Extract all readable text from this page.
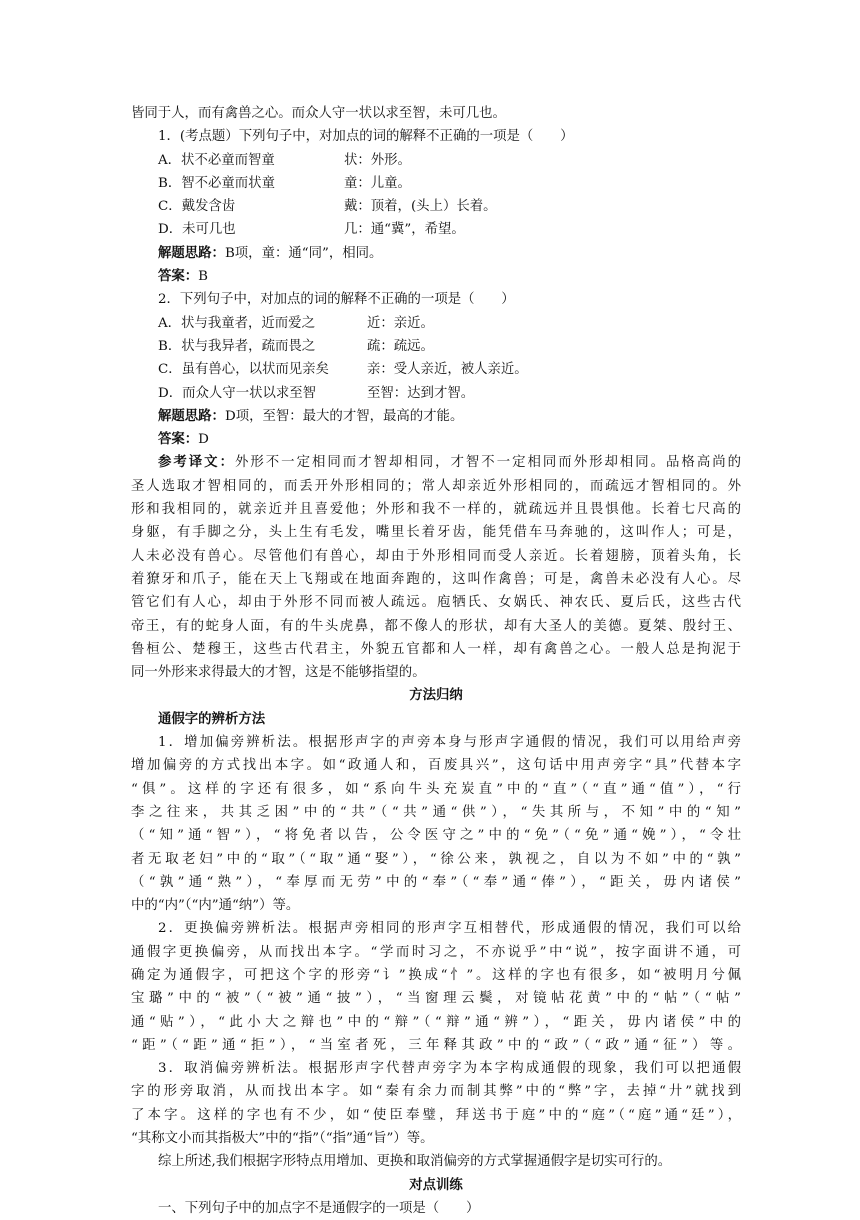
皆同于人，而有禽兽之心。而众人守一状以求至智，未可几也。
1．(考点题）下列句子中，对加点的词的解释不正确的一项是（　　）
A．状不必童而智童	状：外形。
B．智不必童而状童	童：儿童。
C．戴发含齿	戴：顶着，(头上）长着。
D．未可几也	几：通“冀”，希望。
解题思路：B项，童：通“同”，相同。
答案：B
2．下列句子中，对加点的词的解释不正确的一项是（　　）
A．状与我童者，近而爱之	近：亲近。
B．状与我异者，疏而畏之	疏：疏远。
C．虽有兽心，以状而见亲矣	亲：受人亲近，被人亲近。
D．而众人守一状以求至智	至智：达到才智。
解题思路：D项，至智：最大的才智，最高的才能。
答案：D
参考译文：外形不一定相同而才智却相同，才智不一定相同而外形却相同。品格高尚的
圣人选取才智相同的，而丢开外形相同的；常人却亲近外形相同的，而疏远才智相同的。外
形和我相同的，就亲近并且喜爱他；外形和我不一样的，就疏远并且畏惧他。长着七尺高的
身躯，有手脚之分，头上生有毛发，嘴里长着牙齿，能凭借车马奔驰的，这叫作人；可是，
人未必没有兽心。尽管他们有兽心，却由于外形相同而受人亲近。长着翅膀，顶着头角，长
着獠牙和爪子，能在天上飞翔或在地面奔跑的，这叫作禽兽；可是，禽兽未必没有人心。尽
管它们有人心，却由于外形不同而被人疏远。庖牺氏、女娲氏、神农氏、夏后氏，这些古代
帝王，有的蛇身人面，有的牛头虎鼻，都不像人的形状，却有大圣人的美德。夏桀、殷纣王、
鲁桓公、楚穆王，这些古代君主，外貌五官都和人一样，却有禽兽之心。一般人总是拘泥于
同一外形来求得最大的才智，这是不能够指望的。
方法归纳
通假字的辨析方法
1．增加偏旁辨析法。根据形声字的声旁本身与形声字通假的情况，我们可以用给声旁
增加偏旁的方式找出本字。如“政通人和，百废具兴”，这句话中用声旁字“具”代替本字
“俱”。这样的字还有很多，如“系向牛头充炭直”中的“直”（“直”通“值”），“行
李之往来，共其乏困”中的“共”（“共”通“供”），“失其所与，不知”中的“知”
（“知”通“智”），“将免者以告，公令医守之”中的“免”（“免”通“娩”），“令壮
者无取老妇”中的“取”（“取”通“娶”），“徐公来，孰视之，自以为不如”中的“孰”
（“孰”通“熟”），“奉厚而无劳”中的“奉”（“奉”通“俸”），“距关，毋内诸侯”
中的“内”（“内”通“纳”）等。
2．更换偏旁辨析法。根据声旁相同的形声字互相替代，形成通假的情况，我们可以给
通假字更换偏旁，从而找出本字。“学而时习之，不亦说乎”中“说”，按字面讲不通，可
确定为通假字，可把这个字的形旁“讠”换成“忄”。这样的字也有很多，如“被明月兮佩
宝璐”中的“被”（“被”通“披”），“当窗理云鬓，对镜帖花黄”中的“帖”（“帖”
通“贴”），“此小大之辩也”中的“辩”（“辩”通“辨”），“距关，毋内诸侯”中的
“距”（“距”通“拒”），“当室者死，三年释其政”中的“政”（“政”通“征”）等。
3．取消偏旁辨析法。根据形声字代替声旁字为本字构成通假的现象，我们可以把通假
字的形旁取消，从而找出本字。如“秦有余力而制其弊”中的“弊”字，去掉“廾”就找到
了本字。这样的字也有不少，如“使臣奉璧，拜送书于庭”中的“庭”（“庭”通“廷”），
“其称文小而其指极大”中的“指”（“指”通“旨”）等。
综上所述,我们根据字形特点用增加、更换和取消偏旁的方式掌握通假字是切实可行的。
对点训练
一、下列句子中的加点字不是通假字的一项是（　　）
